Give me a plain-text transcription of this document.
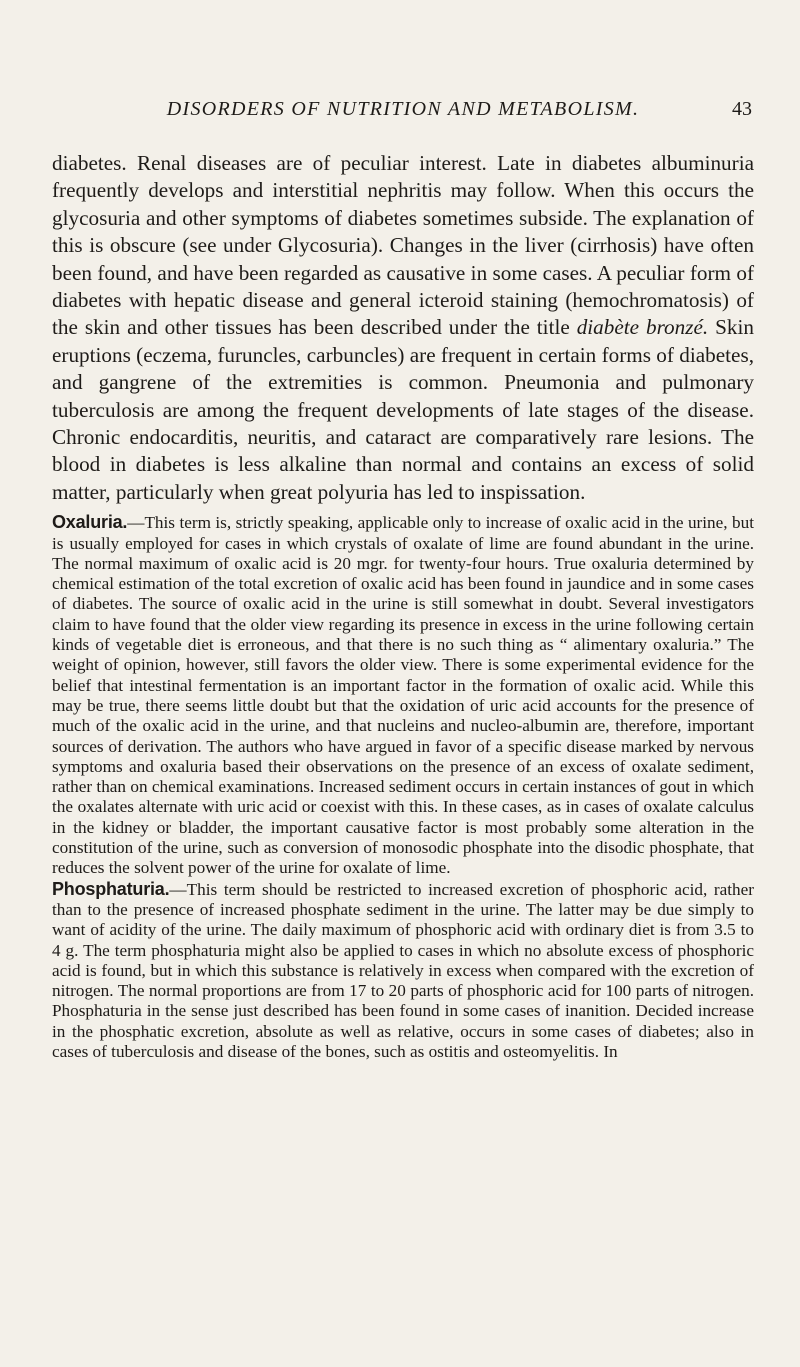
DISORDERS OF NUTRITION AND METABOLISM.	43

diabetes. Renal diseases are of peculiar interest. Late in diabetes albuminuria frequently develops and interstitial nephritis may follow. When this occurs the glycosuria and other symptoms of diabetes sometimes subside. The explanation of this is obscure (see under Glycosuria). Changes in the liver (cirrhosis) have often been found, and have been regarded as causative in some cases. A peculiar form of diabetes with hepatic disease and general icteroid staining (hemochromatosis) of the skin and other tissues has been described under the title diabète bronzé. Skin eruptions (eczema, furuncles, carbuncles) are frequent in certain forms of diabetes, and gangrene of the extremities is common. Pneumonia and pulmonary tuberculosis are among the frequent developments of late stages of the disease. Chronic endocarditis, neuritis, and cataract are comparatively rare lesions. The blood in diabetes is less alkaline than normal and contains an excess of solid matter, particularly when great polyuria has led to inspissation.

Oxaluria.—This term is, strictly speaking, applicable only to increase of oxalic acid in the urine, but is usually employed for cases in which crystals of oxalate of lime are found abundant in the urine. The normal maximum of oxalic acid is 20 mgr. for twenty-four hours. True oxaluria determined by chemical estimation of the total excretion of oxalic acid has been found in jaundice and in some cases of diabetes. The source of oxalic acid in the urine is still somewhat in doubt. Several investigators claim to have found that the older view regarding its presence in excess in the urine following certain kinds of vegetable diet is erroneous, and that there is no such thing as “ alimentary oxaluria.” The weight of opinion, however, still favors the older view. There is some experimental evidence for the belief that intestinal fermentation is an important factor in the formation of oxalic acid. While this may be true, there seems little doubt but that the oxidation of uric acid accounts for the presence of much of the oxalic acid in the urine, and that nucleins and nucleo-albumin are, therefore, important sources of derivation. The authors who have argued in favor of a specific disease marked by nervous symptoms and oxaluria based their observations on the presence of an excess of oxalate sediment, rather than on chemical examinations. Increased sediment occurs in certain instances of gout in which the oxalates alternate with uric acid or coexist with this. In these cases, as in cases of oxalate calculus in the kidney or bladder, the important causative factor is most probably some alteration in the constitution of the urine, such as conversion of monosodic phosphate into the disodic phosphate, that reduces the solvent power of the urine for oxalate of lime.

Phosphaturia.—This term should be restricted to increased excretion of phosphoric acid, rather than to the presence of increased phosphate sediment in the urine. The latter may be due simply to want of acidity of the urine. The daily maximum of phosphoric acid with ordinary diet is from 3.5 to 4 g. The term phosphaturia might also be applied to cases in which no absolute excess of phosphoric acid is found, but in which this substance is relatively in excess when compared with the excretion of nitrogen. The normal proportions are from 17 to 20 parts of phosphoric acid for 100 parts of nitrogen. Phosphaturia in the sense just described has been found in some cases of inanition. Decided increase in the phosphatic excretion, absolute as well as relative, occurs in some cases of diabetes; also in cases of tuberculosis and disease of the bones, such as ostitis and osteomyelitis. In
